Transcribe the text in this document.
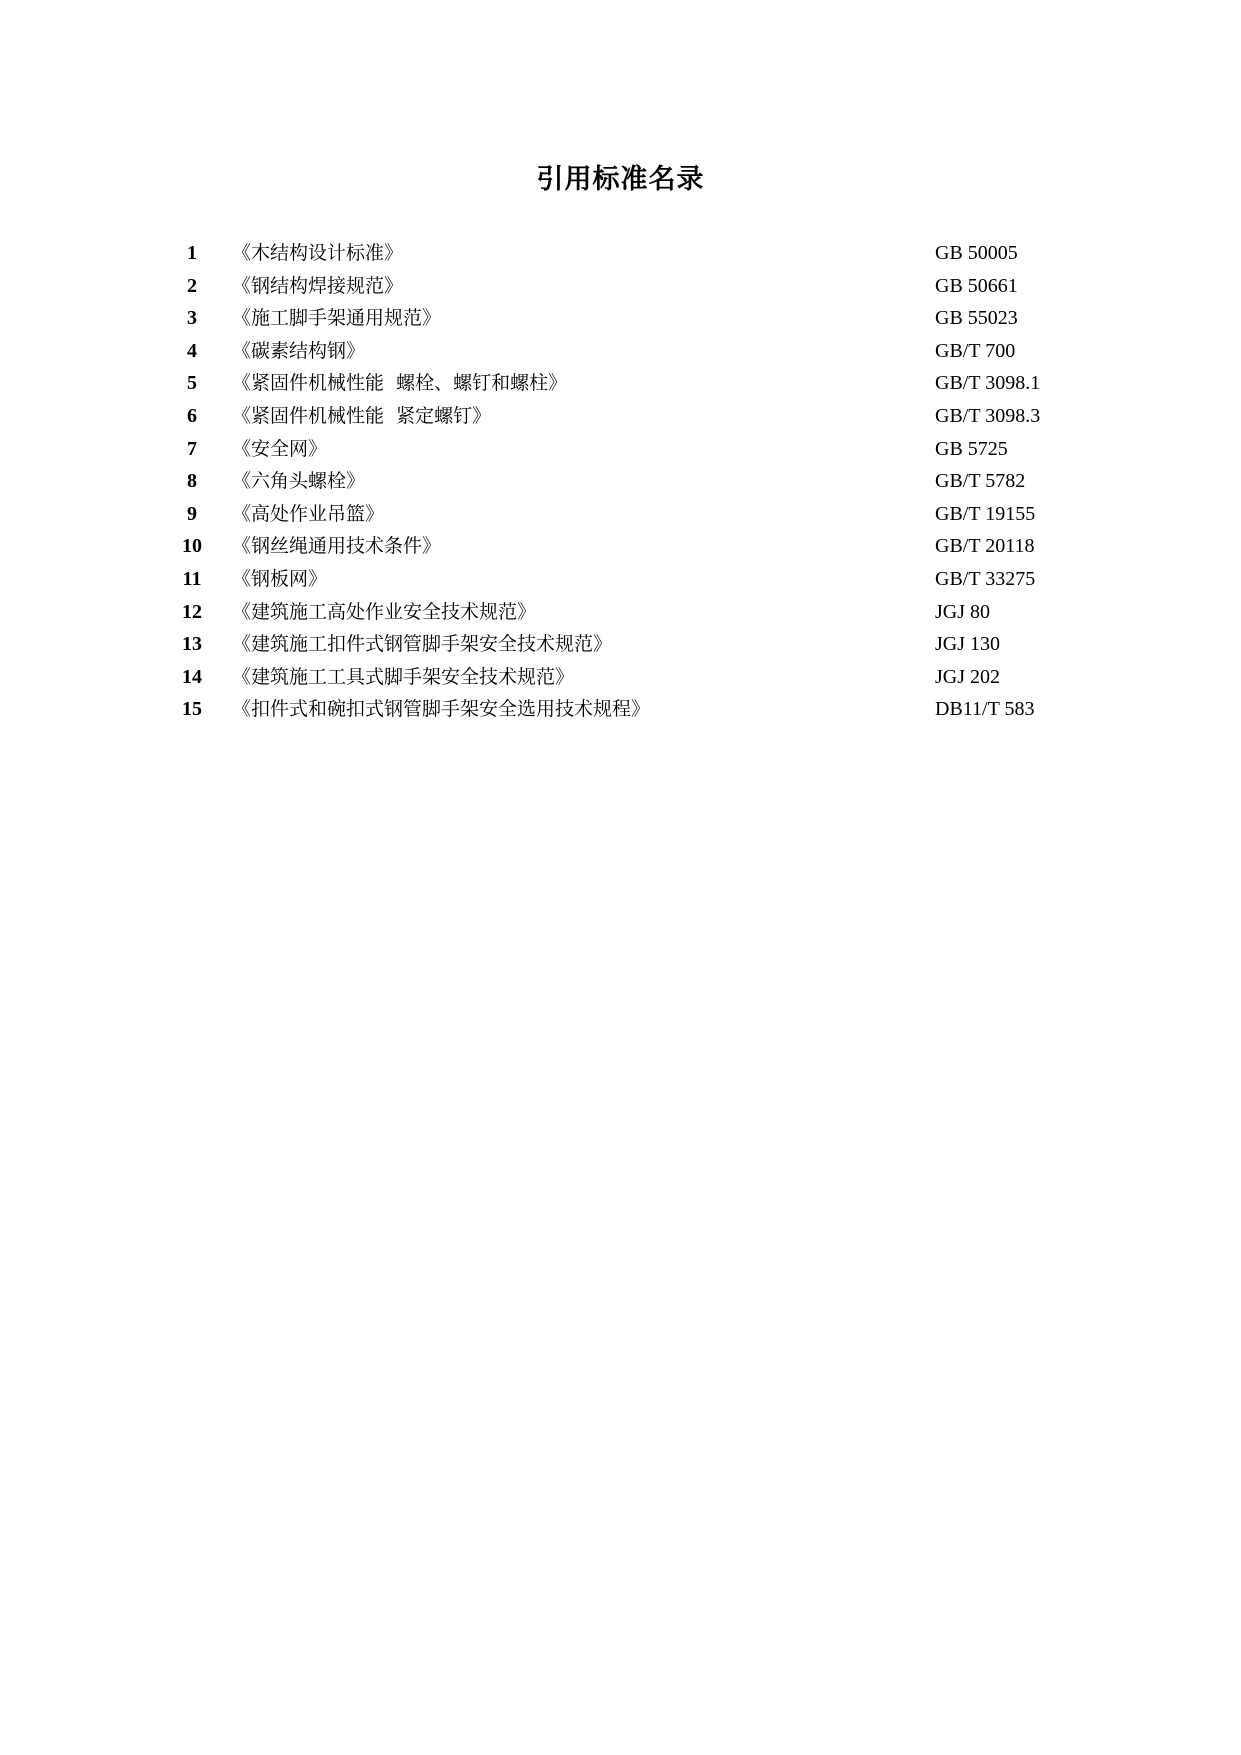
引用标准名录
1	《木结构设计标准》	GB 50005
2	《钢结构焊接规范》	GB 50661
3	《施工脚手架通用规范》	GB 55023
4	《碳素结构钢》	GB/T 700
5	《紧固件机械性能  螺栓、螺钉和螺柱》	GB/T 3098.1
6	《紧固件机械性能  紧定螺钉》	GB/T 3098.3
7	《安全网》	GB 5725
8	《六角头螺栓》	GB/T 5782
9	《高处作业吊篮》	GB/T 19155
10	《钢丝绳通用技术条件》	GB/T 20118
11	《钢板网》	GB/T 33275
12	《建筑施工高处作业安全技术规范》	JGJ 80
13	《建筑施工扣件式钢管脚手架安全技术规范》	JGJ 130
14	《建筑施工工具式脚手架安全技术规范》	JGJ 202
15	《扣件式和碗扣式钢管脚手架安全选用技术规程》	DB11/T 583
